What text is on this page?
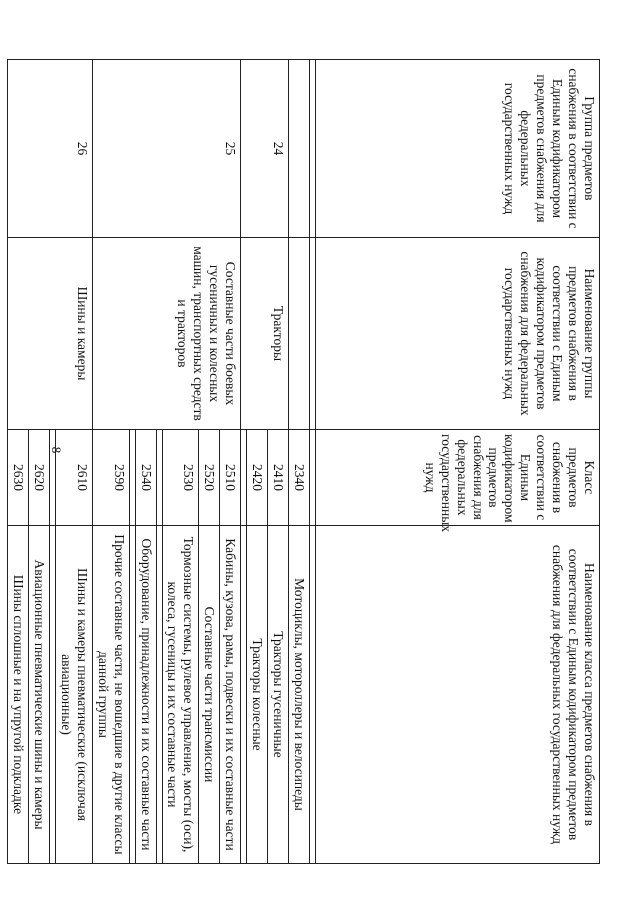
8
Группа предметов снабжения в соответствии с Единым кодификатором предметов снабжения для федеральных государственных нужд	Наименование группы предметов снабжения в соответствии с Единым кодификатором предметов снабжения для федеральных государственных нужд	Класс предметов снабжения в соответствии с Единым кодификатором предметов снабжения для федеральных государственных нужд	Наименование класса предметов снабжения в соответствии с Единым кодификатором предметов снабжения для федеральных государственных нужд

		2340	Мотоциклы, мотороллеры и велосипеды
24	Тракторы	2410	Тракторы гусеничные
		2420	Тракторы колесные

25	Составные части боевых гусеничных и колесных машин, транспортных средств и тракторов	2510	Кабины, кузова, рамы, подвески и их составные части
		2520	Составные части трансмиссии
		2530	Тормозные системы, рулевое управление, мосты (оси), колеса, гусеницы и их составные части

		2540	Оборудование, принадлежности и их составные части

		2590	Прочие составные части, не вошедшие в другие классы данной группы
26	Шины и камеры	2610	Шины и камеры пневматические (исключая авиационные)

		2620	Авиационные пневматические шины и камеры
		2630	Шины сплошные и на упругой подкладке
